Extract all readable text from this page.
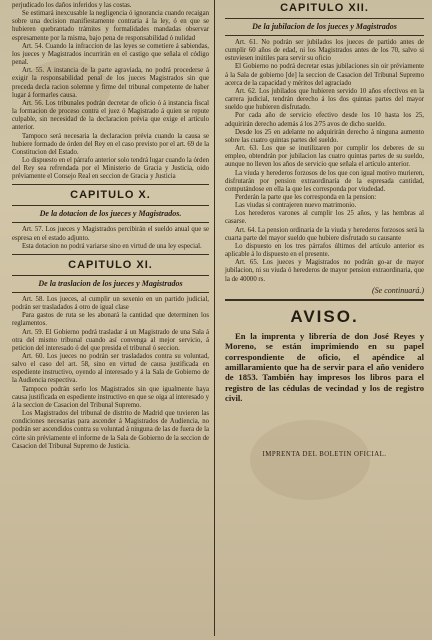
perjudicado los daños inferidos y las costas.

Se estimará inexcusable la negligencia ó ignorancia cuando recaigan sobre una decision manifiestamente contraria á la ley, ó en que se hubieren quebrantado trámites y formalidades mandadas observar espresamente por la misma, bajo pena de responsabilidad ó nulidad

Art. 54. Cuando la infraccion de las leyes se cometiere á sabiendas, los jueces y Magistrados incurrirán en el castigo que señala el código penal.

Art. 55. A instancia de la parte agraviada, no podrá procederse á exigir la responsabilidad penal de los jueces Magistrados sin que preceda decla racion solemne y firme del tribunal competente de haber lugar á formarles causa.

Art. 56. Los tribunales podrán decretar de oficio ó á instancia fiscal la formacion de proceso contra el juez ó Magistrado á quien se repute culpable, sin necesidad de la declaracion prévia que exige el artículo anterior.

Tampoco será necesaria la declaracion prévia cuando la causa se hubiere formado de órden del Rey en el caso previsto por el art. 69 de la Constitucion del Estado.

Lo dispuesto en el párrafo anterior solo tendrá lugar cuando la órden del Rey sea refrendada por el Ministerio de Gracia y Justicia, oido préviamente el Consejo Real en seccion de Gracia y Justicia

CAPITULO X.
De la dotacion de los jueces y Magistrados.

Art. 57. Los jueces y Magistrados percibirán el sueldo anual que se espresa en el estado adjunto.

Esta dotacion no podrá variarse sino en virtud de una ley especial.

CAPITULO XI.
De la traslacion de los jueces y Magistrados

Art. 58. Los jueces, al cumplir un sexenio en un partido judicial, podrán ser trasladados á otro de igual clase

Para gastos de ruta se les abonará la cantidad que determinen los reglamentos.

Art. 59. El Gobierno podrá trasladar á un Magistrado de una Sala á otra del mismo tribunal cuando así convenga al mejor servicio, á peticion del interesado ó del que presida el tribunal ó seccion.

Art. 60. Los jueces no podrán ser trasladados contra su voluntad, salvo el caso del art. 58, sino en virtud de causa justificada en espediente instructivo, oyendo al interesado y á la Sala de Gobierno de la Audiencia respectiva.

Tampoco podrán serlo los Magistrados sin que igualmente haya causa justificada en espediente instructivo en que se oiga al interesado y á la seccion de Casacion del Tribunal Supremo.

Los Magistrados del tribunal de distrito de Madrid que tuvieren las condiciones necesarias para ascender á Magistrados de Audiencia, no podrán ser ascendidos contra su voluntad á ninguna de las de fuera de la córte sin préviamente el informe de la Sala de Gobierno de la seccion de Casacion del Tribunal Supremo de Justicia.

CAPITULO XII.
De la jubilacion de los jueces y Magistrados

Art. 61. No podrán ser jubilados los jueces de partido antes de cumplir 60 años de edad, ni los Magistrados antes de los 70, salvo si estuviesen inútiles para servir su oficio

El Gobierno no podrá decretar estas jubilaciones sin oir préviamente á la Sala de gobierno [de] la seccion de Casacion del Tribunal Supremo acerca de la capacidad y méritos del agraciado

Art. 62. Los jubilados que hubieren servido 10 años efectivos en la carrera judicial, tendrán derecho á los dos quintas partes del mayor sueldo que hubieren disfrutado.

Por cada año de servicio efectivo desde los 10 hasta los 25, adquirirán derecho además á los 2⁄75 avos de dicho sueldo.

Desde los 25 en adelante no adquirirán derecho á ninguna aumento sobre las cuatro quintas partes del sueldo.

Art. 63. Los que se inutilizaren por cumplir los deberes de su empleo, obtendrán por jubilacion las cuatro quintas partes de su sueldo, aunque no lleven los años de servicio que señala el artículo anterior.

La viuda y herederos forzosos de los que con igual motivo murieren, disfrutarán por pension extraordinaria de la espresada cantidad, computándose en ella la que les corresponda por viudedad.

Perderán la parte que les corresponda en la pension:

Las viudas si contrajeren nuevo matrimonio.

Los herederos varones al cumplir los 25 años, y las hembras al casarse.

Art. 64. La pension ordinaria de la viuda y herederos forzosos será la cuarta parte del mayor sueldo que hubiere disfrutado su causante

Lo dispuesto en los tres párrafos últimos del artículo anterior es aplicable á lo dispuesto en el presente.

Art. 65. Los jueces y Magistrados no podrán go-ar de mayor jubilacion, ni su viuda ó herederos de mayor pension extraordinaria, que la de 40000 rs.

(Se continuará.)
AVISO.

En la imprenta y librería de don José Reyes y Moreno, se están imprimiendo en su papel correspondiente de oficio, el apéndice al amillaramiento que ha de servir para el año venidero de 1853. También hay impresos los libros para el registro de las cédulas de vecindad y los de registro civil.

IMPRENTA DEL BOLETIN OFICIAL.
